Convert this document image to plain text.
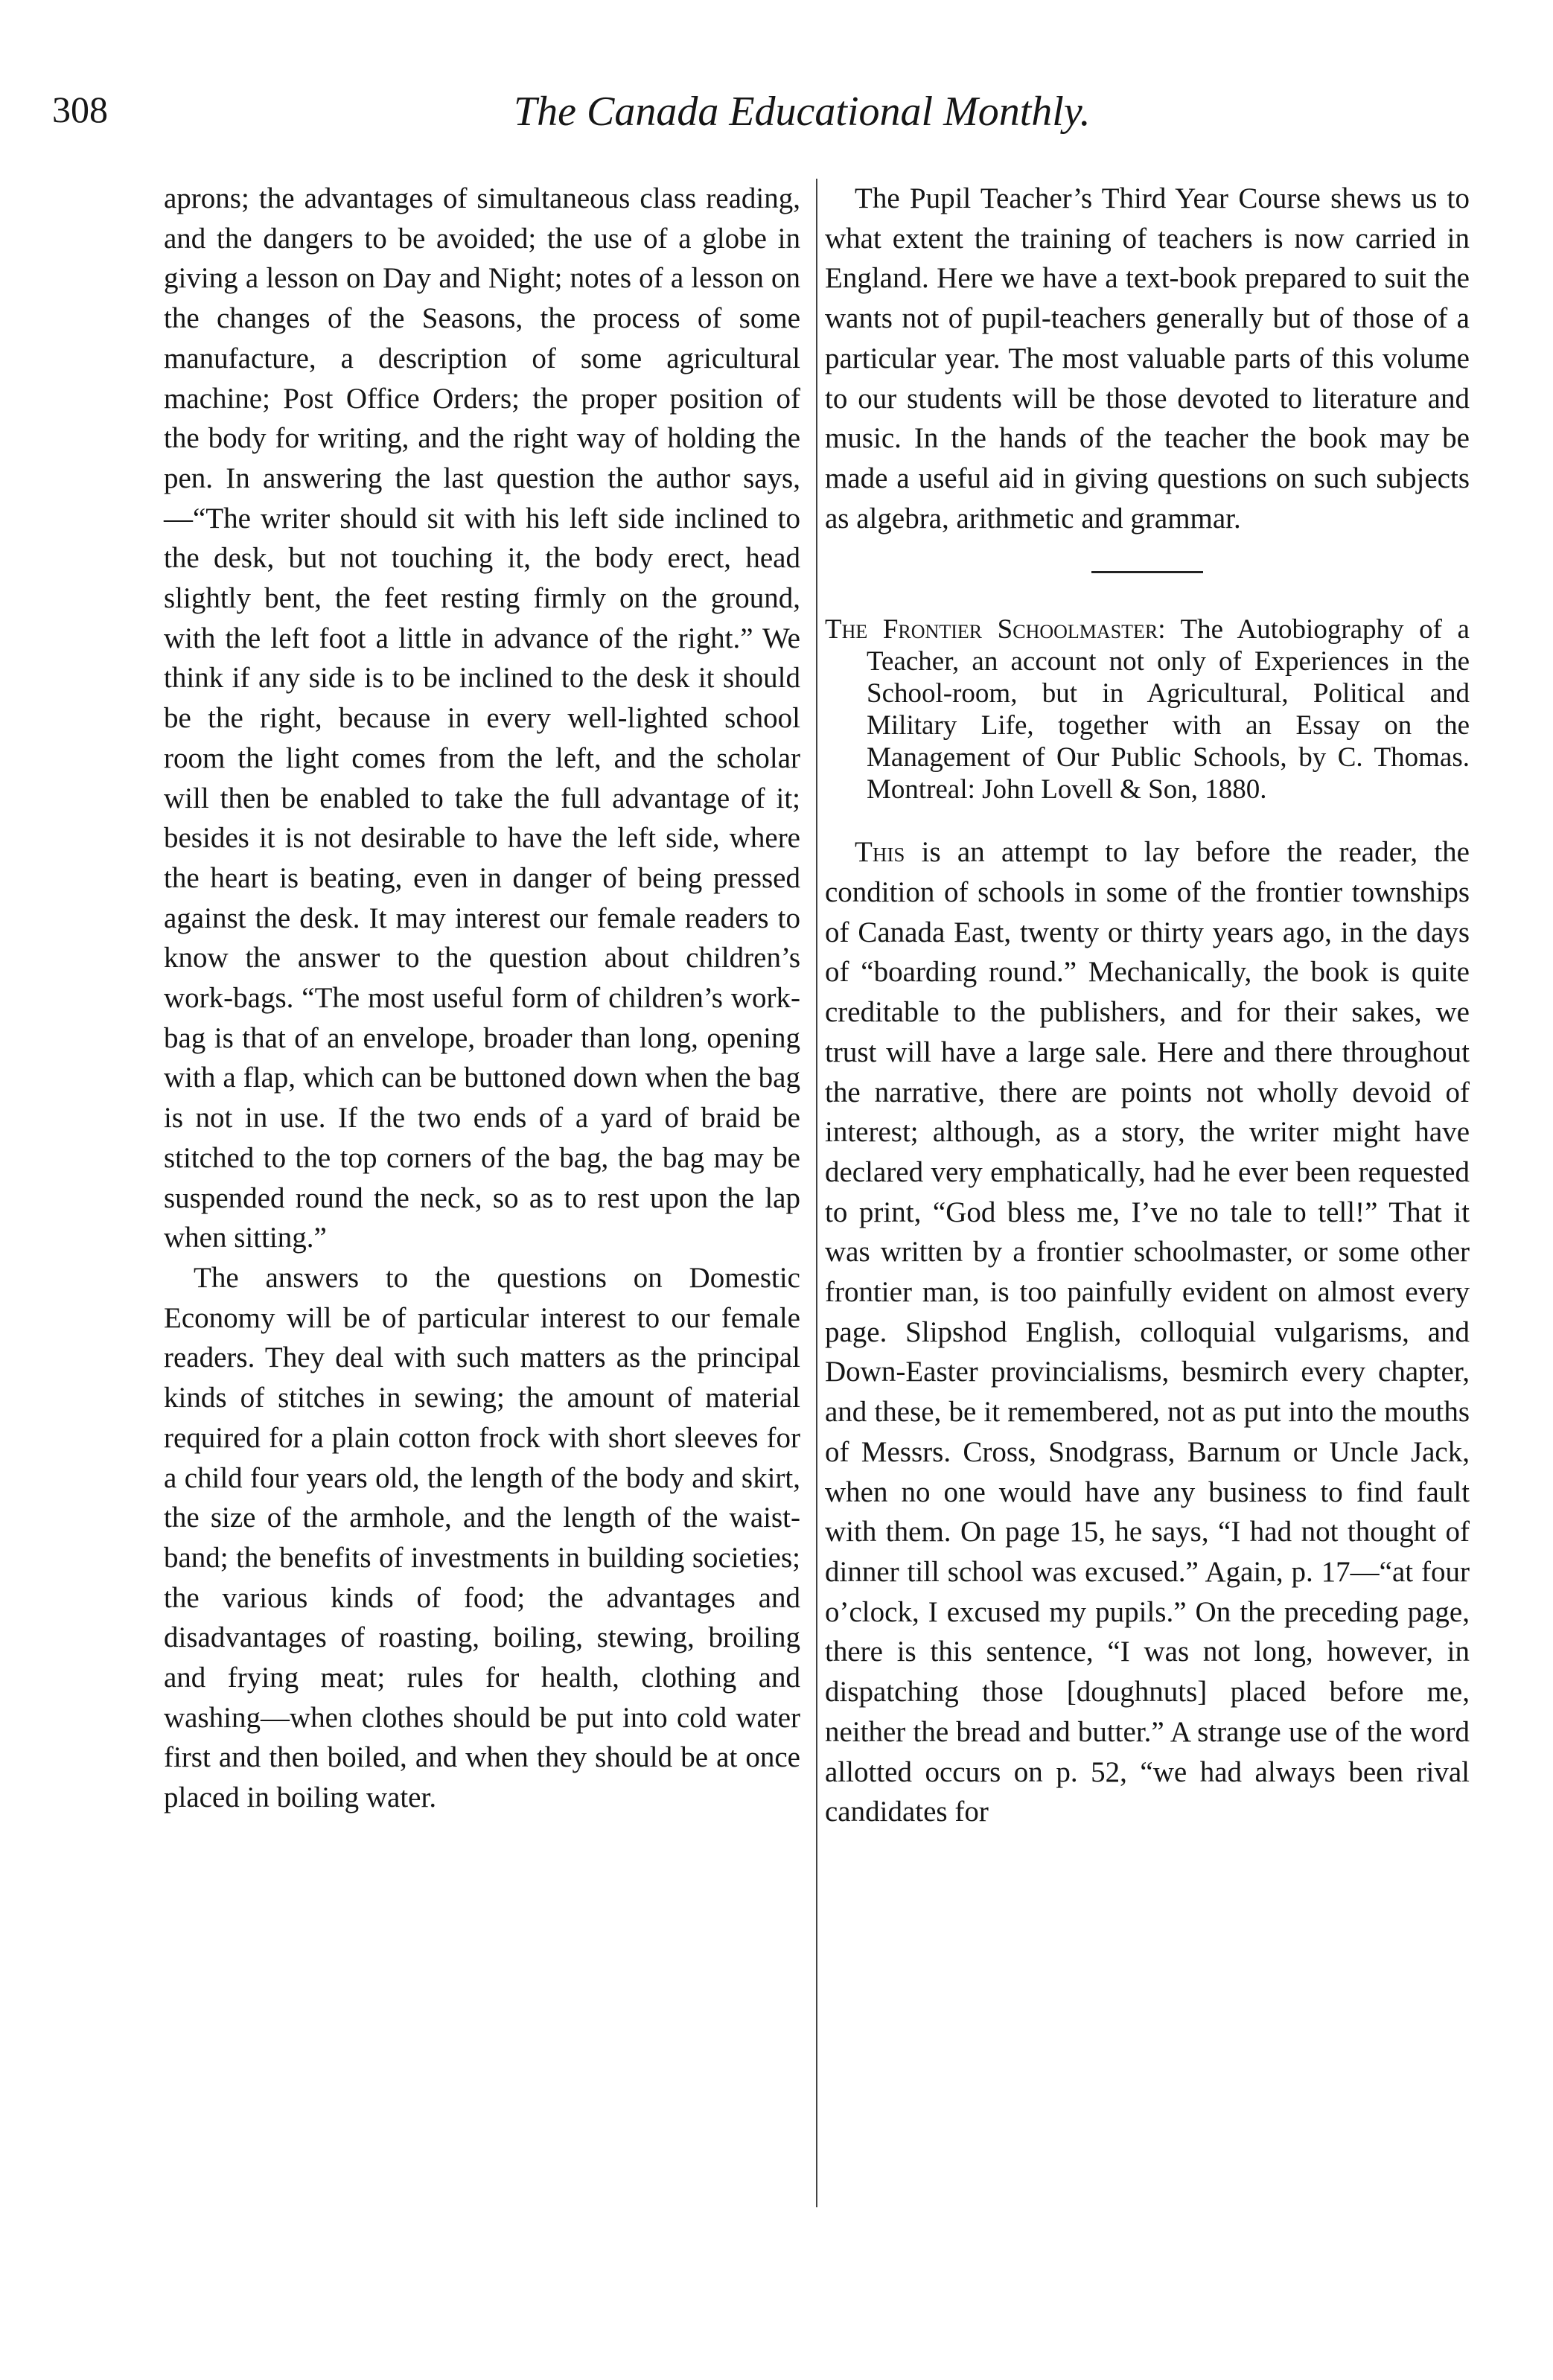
308	The Canada Educational Monthly.

aprons; the advantages of simultaneous class reading, and the dangers to be avoided; the use of a globe in giving a lesson on Day and Night; notes of a lesson on the changes of the Seasons, the process of some manufacture, a description of some agricultural machine; Post Office Orders; the proper position of the body for writing, and the right way of holding the pen. In answering the last question the author says,—“The writer should sit with his left side inclined to the desk, but not touching it, the body erect, head slightly bent, the feet resting firmly on the ground, with the left foot a little in advance of the right.” We think if any side is to be inclined to the desk it should be the right, because in every well-lighted school room the light comes from the left, and the scholar will then be enabled to take the full advantage of it; besides it is not desirable to have the left side, where the heart is beating, even in danger of being pressed against the desk. It may interest our female readers to know the answer to the question about children’s work-bags. “The most useful form of children’s work-bag is that of an envelope, broader than long, opening with a flap, which can be buttoned down when the bag is not in use. If the two ends of a yard of braid be stitched to the top corners of the bag, the bag may be suspended round the neck, so as to rest upon the lap when sitting.”

The answers to the questions on Domestic Economy will be of particular interest to our female readers. They deal with such matters as the principal kinds of stitches in sewing; the amount of material required for a plain cotton frock with short sleeves for a child four years old, the length of the body and skirt, the size of the armhole, and the length of the waist-band; the benefits of investments in building societies; the various kinds of food; the advantages and disadvantages of roasting, boiling, stewing, broiling and frying meat; rules for health, clothing and washing—when clothes should be put into cold water first and then boiled, and when they should be at once placed in boiling water.

The Pupil Teacher’s Third Year Course shews us to what extent the training of teachers is now carried in England. Here we have a text-book prepared to suit the wants not of pupil-teachers generally but of those of a particular year. The most valuable parts of this volume to our students will be those devoted to literature and music. In the hands of the teacher the book may be made a useful aid in giving questions on such subjects as algebra, arithmetic and grammar.

The Frontier Schoolmaster: The Autobiography of a Teacher, an account not only of Experiences in the School-room, but in Agricultural, Political and Military Life, together with an Essay on the Management of Our Public Schools, by C. Thomas. Montreal: John Lovell & Son, 1880.

This is an attempt to lay before the reader, the condition of schools in some of the frontier townships of Canada East, twenty or thirty years ago, in the days of “boarding round.” Mechanically, the book is quite creditable to the publishers, and for their sakes, we trust will have a large sale. Here and there throughout the narrative, there are points not wholly devoid of interest; although, as a story, the writer might have declared very emphatically, had he ever been requested to print, “God bless me, I’ve no tale to tell!” That it was written by a frontier schoolmaster, or some other frontier man, is too painfully evident on almost every page. Slipshod English, colloquial vulgarisms, and Down-Easter provincialisms, besmirch every chapter, and these, be it remembered, not as put into the mouths of Messrs. Cross, Snodgrass, Barnum or Uncle Jack, when no one would have any business to find fault with them. On page 15, he says, “I had not thought of dinner till school was excused.” Again, p. 17—“at four o’clock, I excused my pupils.” On the preceding page, there is this sentence, “I was not long, however, in dispatching those [doughnuts] placed before me, neither the bread and butter.” A strange use of the word allotted occurs on p. 52, “we had always been rival candidates for
